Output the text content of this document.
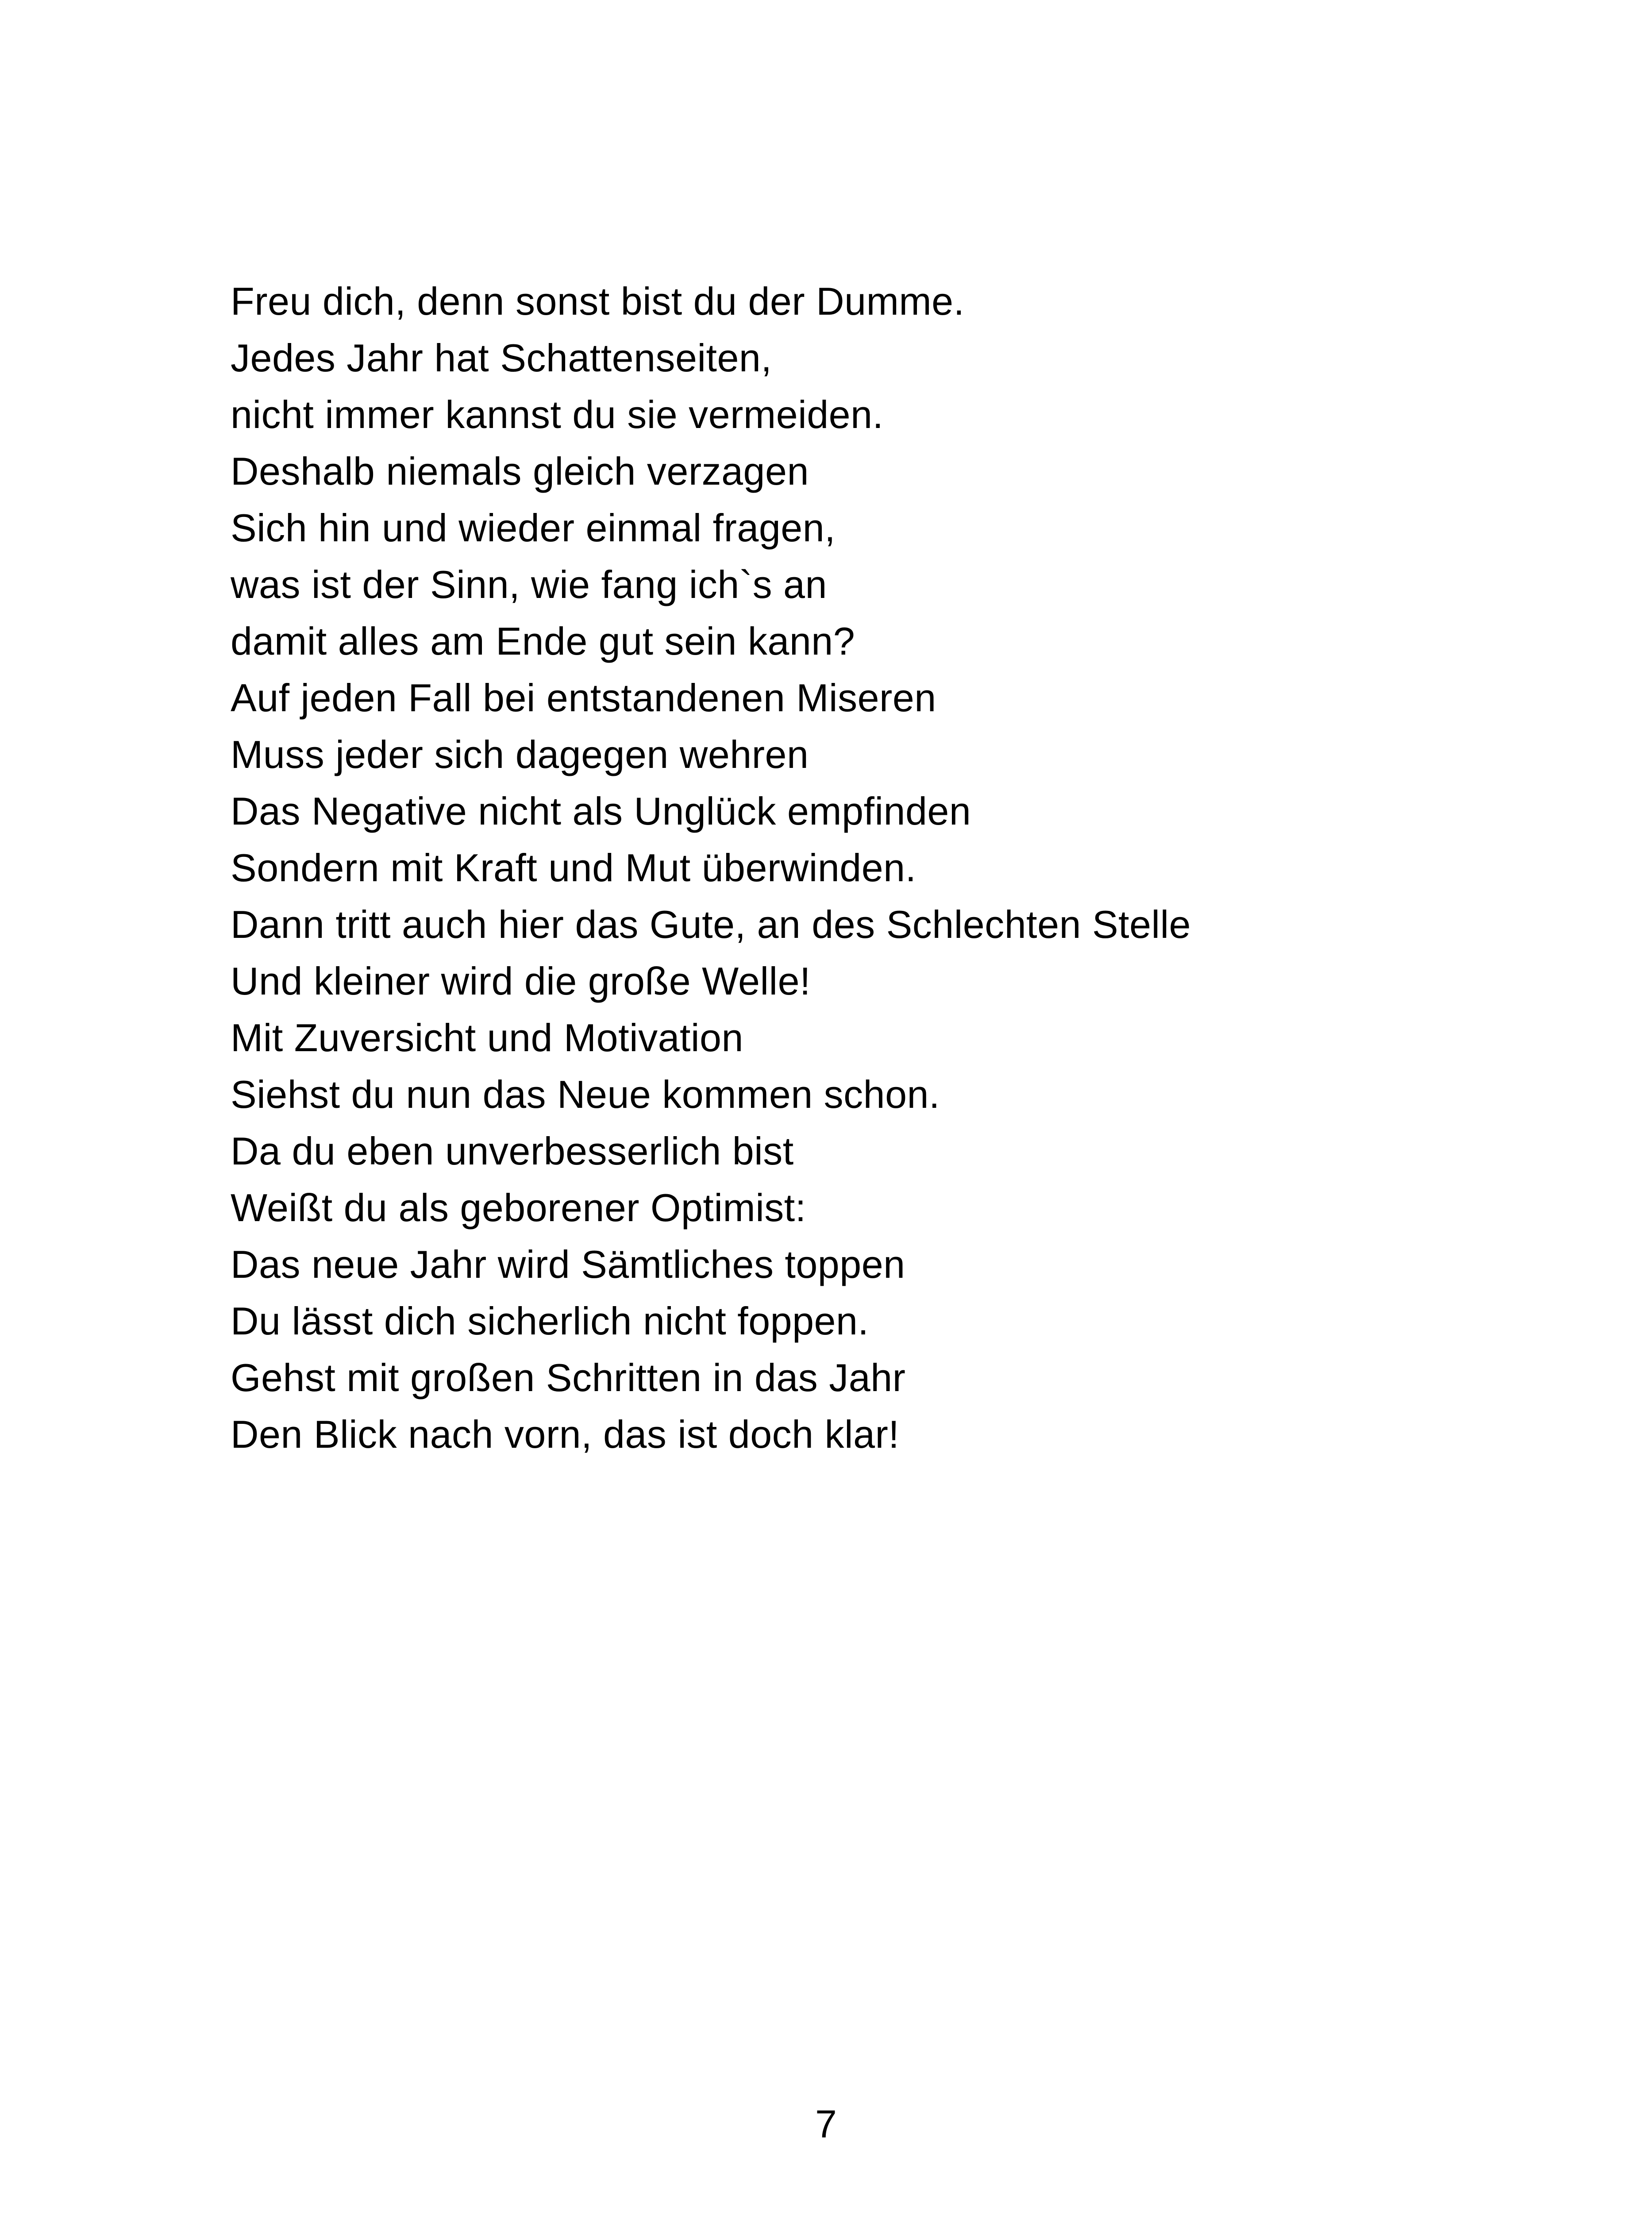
Freu dich, denn sonst bist du der Dumme.
Jedes Jahr hat Schattenseiten,
nicht immer kannst du sie vermeiden.
Deshalb niemals gleich verzagen
Sich hin und wieder einmal fragen,
was ist der Sinn, wie fang ich`s an
damit alles am Ende gut sein kann?
Auf jeden Fall bei entstandenen Miseren
Muss jeder sich dagegen wehren
Das Negative nicht als Unglück empfinden
Sondern mit Kraft und Mut überwinden.
Dann tritt auch hier das Gute, an des Schlechten Stelle
Und kleiner wird die große Welle!
Mit Zuversicht und Motivation
Siehst du nun das Neue kommen schon.
Da du eben unverbesserlich bist
Weißt du als geborener Optimist:
Das neue Jahr wird Sämtliches toppen
Du lässt dich sicherlich nicht foppen.
Gehst mit großen Schritten in das Jahr
Den Blick nach vorn, das ist doch klar!
7
